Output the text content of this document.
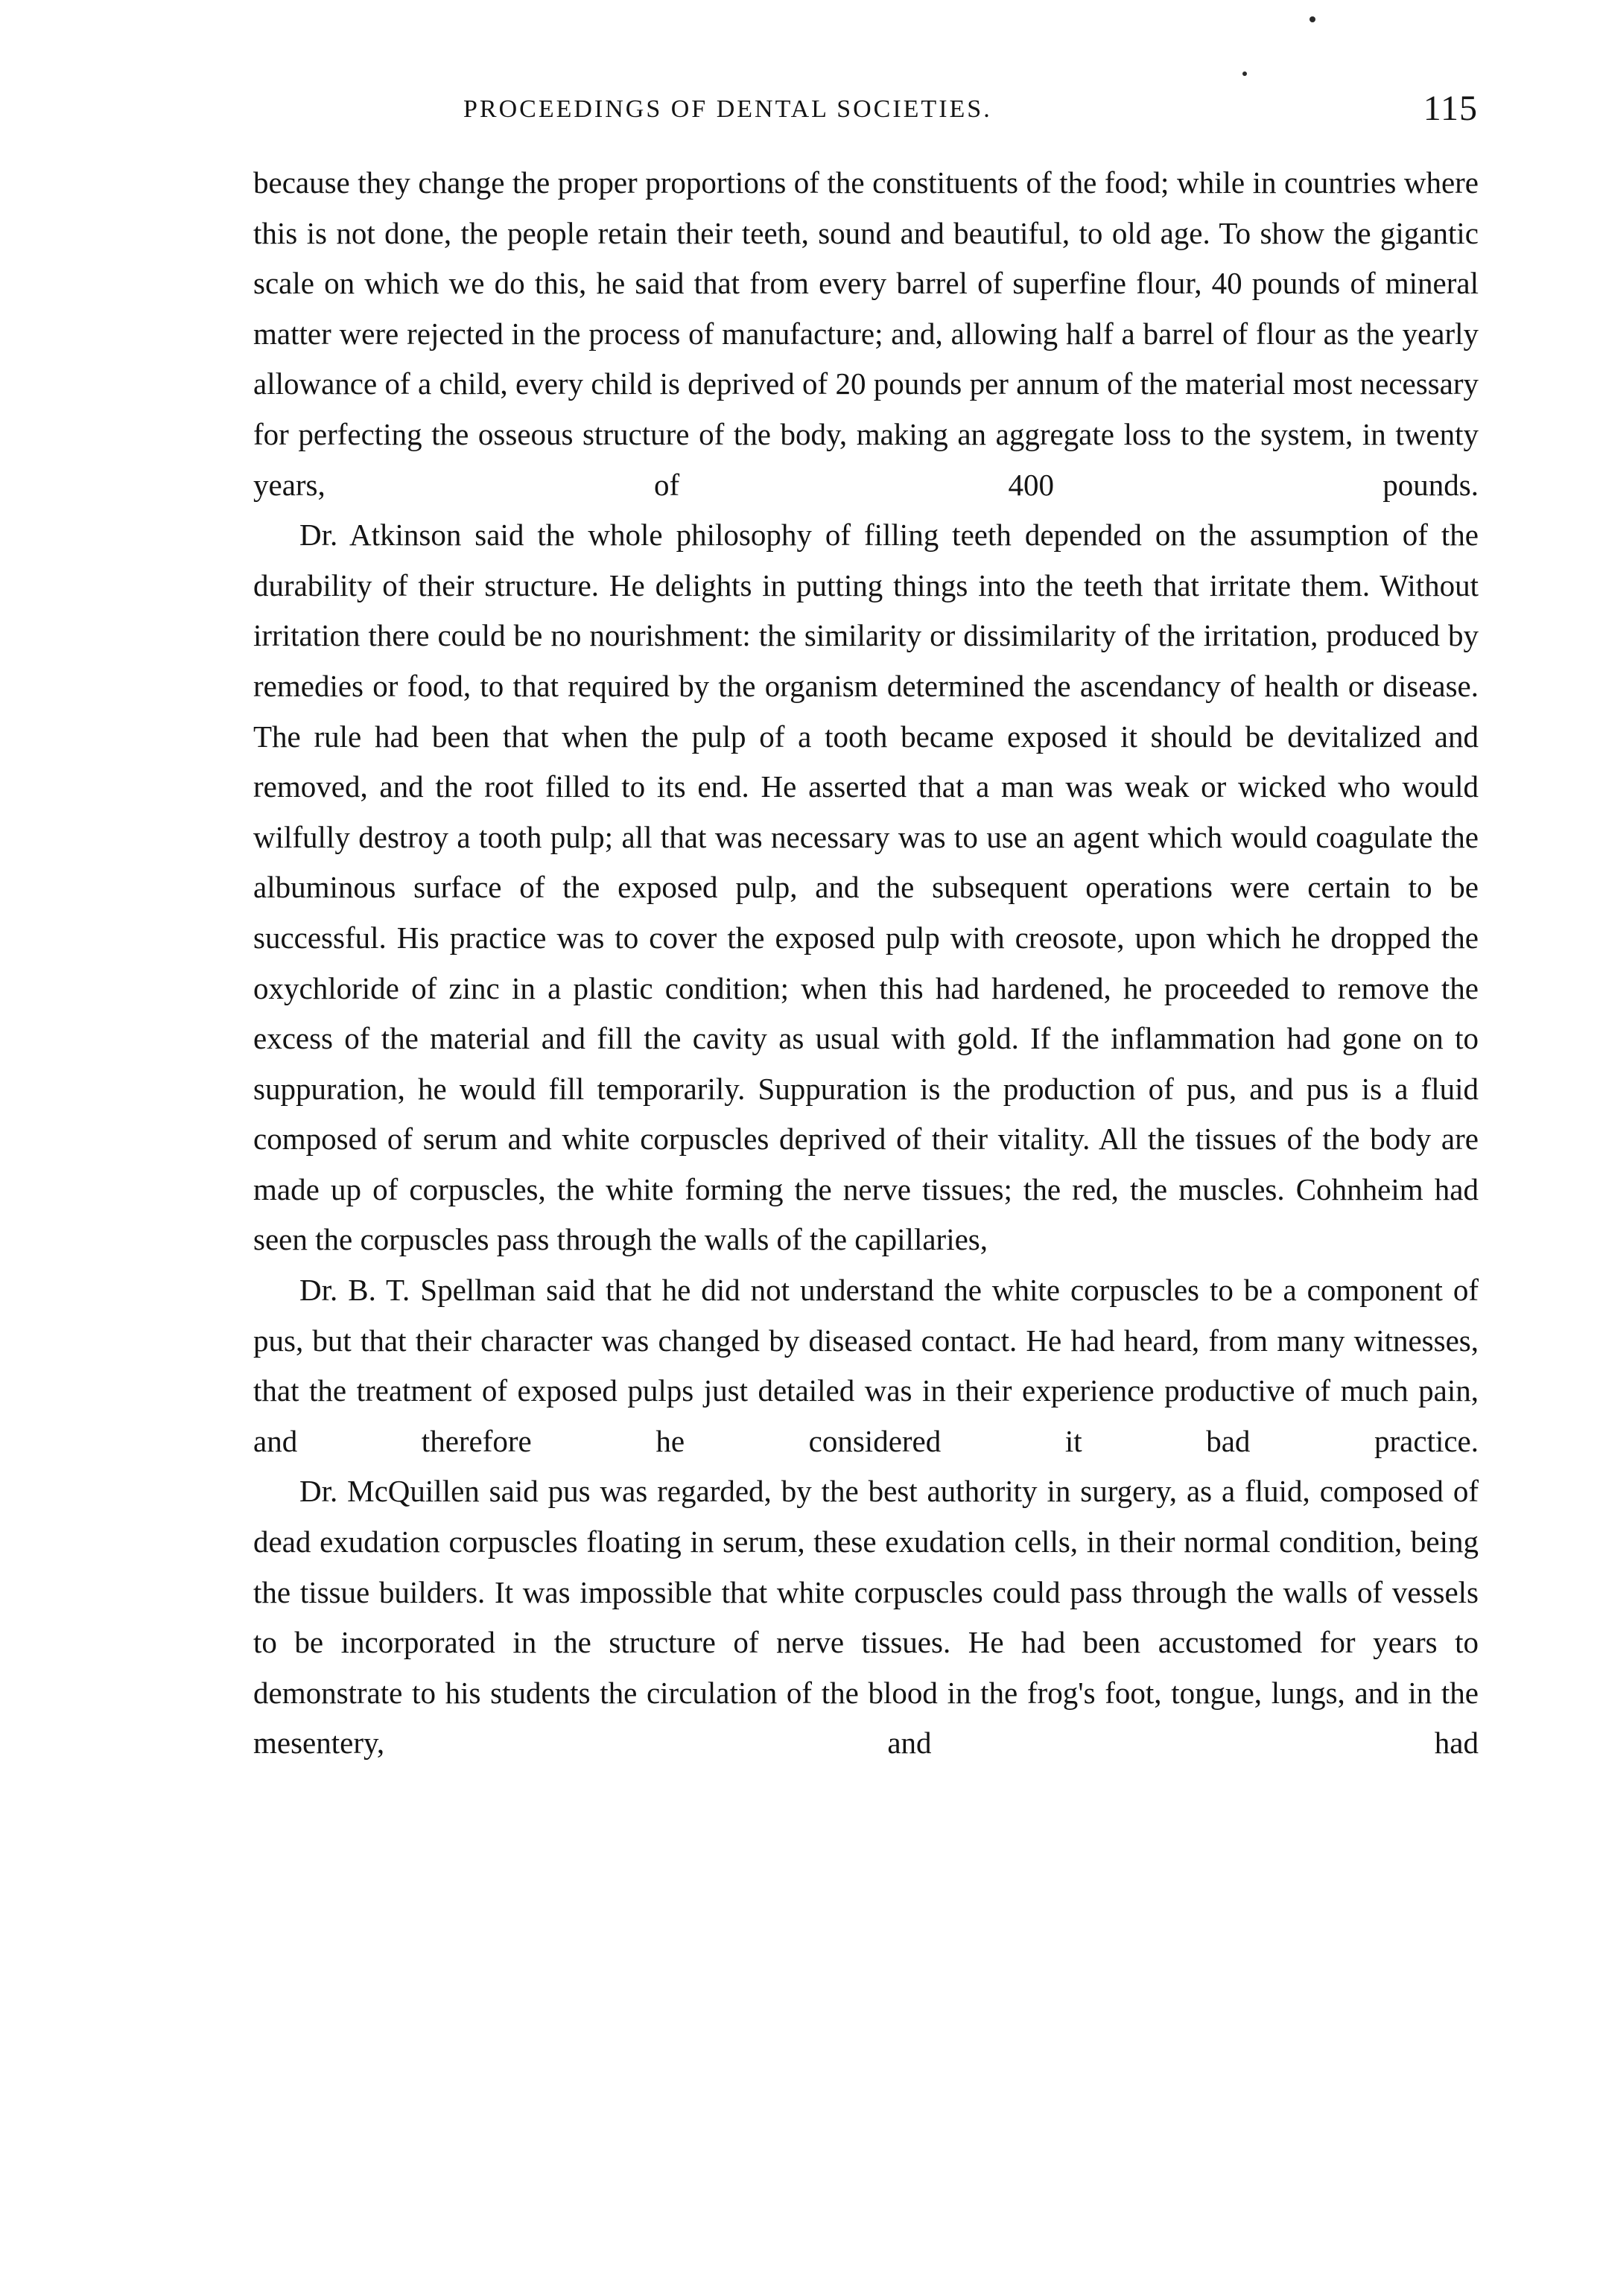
PROCEEDINGS OF DENTAL SOCIETIES.	115

because they change the proper proportions of the constituents of the food; while in countries where this is not done, the people retain their teeth, sound and beautiful, to old age. To show the gigantic scale on which we do this, he said that from every barrel of superfine flour, 40 pounds of mineral matter were rejected in the process of manufacture; and, allowing half a barrel of flour as the yearly allowance of a child, every child is deprived of 20 pounds per annum of the material most necessary for perfecting the osseous structure of the body, making an aggregate loss to the system, in twenty years, of 400 pounds.

Dr. Atkinson said the whole philosophy of filling teeth depended on the assumption of the durability of their structure. He delights in putting things into the teeth that irritate them. Without irritation there could be no nourishment: the similarity or dissimilarity of the irritation, produced by remedies or food, to that required by the organism determined the ascendancy of health or disease. The rule had been that when the pulp of a tooth became exposed it should be devitalized and removed, and the root filled to its end. He asserted that a man was weak or wicked who would wilfully destroy a tooth pulp; all that was necessary was to use an agent which would coagulate the albuminous surface of the exposed pulp, and the subsequent operations were certain to be successful. His practice was to cover the exposed pulp with creosote, upon which he dropped the oxychloride of zinc in a plastic condition; when this had hardened, he proceeded to remove the excess of the material and fill the cavity as usual with gold. If the inflammation had gone on to suppuration, he would fill temporarily. Suppuration is the production of pus, and pus is a fluid composed of serum and white corpuscles deprived of their vitality. All the tissues of the body are made up of corpuscles, the white forming the nerve tissues; the red, the muscles. Cohnheim had seen the corpuscles pass through the walls of the capillaries,

Dr. B. T. Spellman said that he did not understand the white corpuscles to be a component of pus, but that their character was changed by diseased contact. He had heard, from many witnesses, that the treatment of exposed pulps just detailed was in their experience productive of much pain, and therefore he considered it bad practice.

Dr. McQuillen said pus was regarded, by the best authority in surgery, as a fluid, composed of dead exudation corpuscles floating in serum, these exudation cells, in their normal condition, being the tissue builders. It was impossible that white corpuscles could pass through the walls of vessels to be incorporated in the structure of nerve tissues. He had been accustomed for years to demonstrate to his students the circulation of the blood in the frog's foot, tongue, lungs, and in the mesentery, and had
